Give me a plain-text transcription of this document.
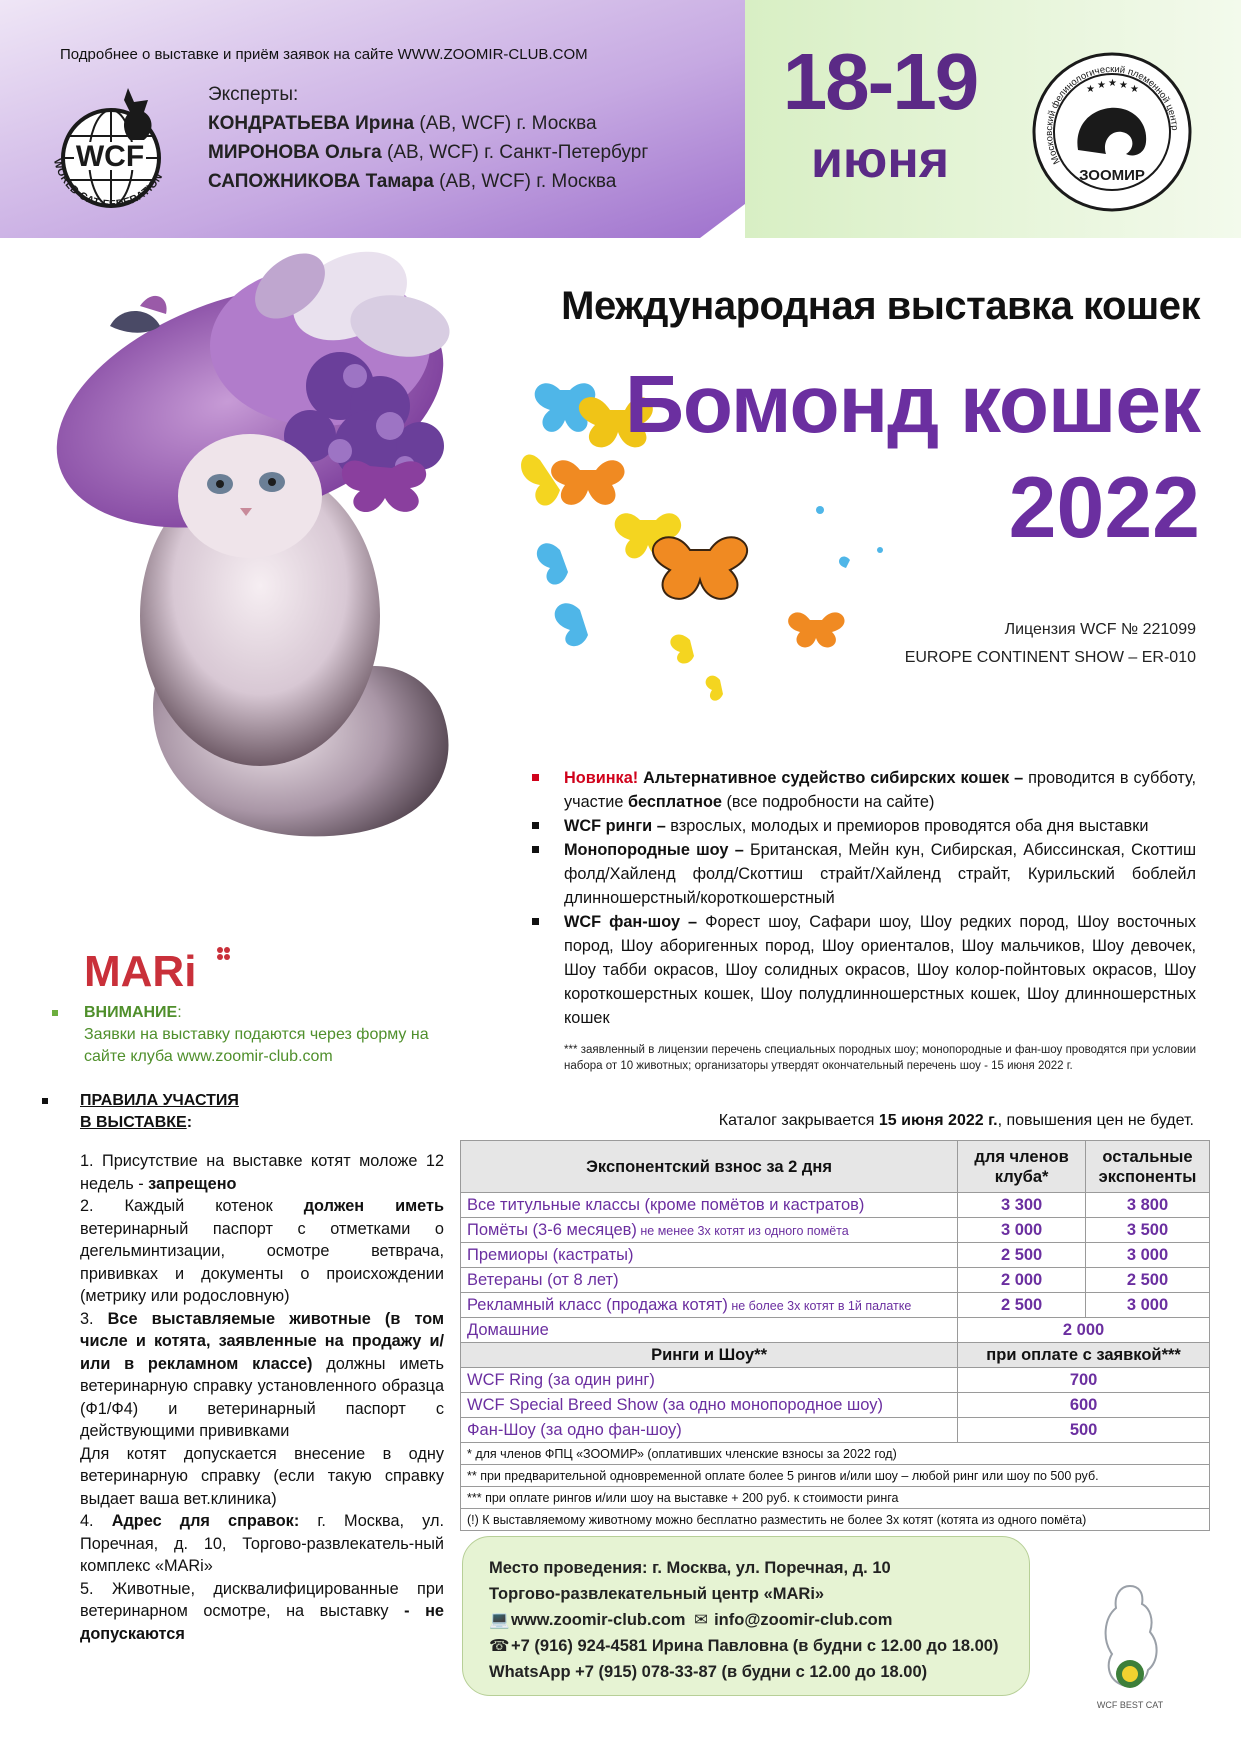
Подробнее о выставке и приём заявок на сайте WWW.ZOOMIR-CLUB.COM
WCF
WORLD CAT FEDERATION
Эксперты:
КОНДРАТЬЕВА Ирина (AB, WCF) г. Москва
МИРОНОВА Ольга (AB, WCF) г. Санкт-Петербург
САПОЖНИКОВА Тамара (AB, WCF) г. Москва
18-19
июня	Московский фелинологический племенной центр
★ ★ ★ ★ ★
ЗООМИР
Международная выставка кошек
Бомонд кошек
2022
Лицензия WCF № 221099
EUROPE CONTINENT SHOW – ER-010
Новинка! Альтернативное судейство сибирских кошек – проводится в субботу, участие бесплатное (все подробности на сайте)
WCF ринги – взрослых, молодых и премиоров проводятся оба дня выставки
Монопородные шоу – Британская, Мейн кун, Сибирская, Абиссинская, Скоттиш фолд/Хайленд фолд/Скоттиш страйт/Хайленд страйт, Курильский боблейл длинношерстный/короткошерстный
WCF фан-шоу – Форест шоу, Сафари шоу, Шоу редких пород, Шоу восточных пород, Шоу аборигенных пород, Шоу ориенталов, Шоу мальчиков, Шоу девочек, Шоу табби окрасов, Шоу солидных окрасов, Шоу колор-пойнтовых окрасов, Шоу короткошерстных кошек, Шоу полудлинношерстных кошек, Шоу длинношерстных кошек
*** заявленный в лицензии перечень специальных породных шоу; монопородные и фан-шоу проводятся при условии набора от 10 животных; организаторы утвердят окончательный перечень шоу - 15 июня 2022 г.
Каталог закрывается 15 июня 2022 г., повышения цен не будет.
MARi
ВНИМАНИЕ:
Заявки на выставку подаются через форму на сайте клуба www.zoomir-club.com
ПРАВИЛА УЧАСТИЯ
В ВЫСТАВКЕ:
1. Присутствие на выставке котят моложе 12 недель - запрещено
2. Каждый котенок должен иметь ветеринарный паспорт с отметками о дегельминтизации, осмотре ветврача, прививках и документы о происхождении (метрику или родословную)
3. Все выставляемые животные (в том числе и котята, заявленные на продажу и/или в рекламном классе) должны иметь ветеринарную справку установленного образца (Ф1/Ф4) и ветеринарный паспорт с действующими прививками
Для котят допускается внесение в одну ветеринарную справку (если такую справку выдает ваша вет.клиника)
4. Адрес для справок: г. Москва, ул. Поречная, д. 10, Торгово-развлекатель-ный комплекс «MARi»
5. Животные, дисквалифицированные при ветеринарном осмотре, на выставку - не допускаются
Экспонентский взнос за 2 дня	для членов клуба*	остальные экспоненты
Все титульные классы (кроме помётов и кастратов)	3 300	3 800
Помёты (3-6 месяцев) не менее 3х котят из одного помёта	3 000	3 500
Премиоры (кастраты)	2 500	3 000
Ветераны (от 8 лет)	2 000	2 500
Рекламный класс (продажа котят) не более 3х котят в 1й палатке	2 500	3 000
Домашние	2 000	
Ринги и Шоу**	при оплате с заявкой***	
WCF Ring (за один ринг)	700	
WCF Special Breed Show (за одно монопородное шоу)	600	
Фан-Шоу (за одно фан-шоу)	500	
* для членов ФПЦ «ЗООМИР» (оплативших членские взносы за 2022 год)		
** при предварительной одновременной оплате более 5 рингов и/или шоу – любой ринг или шоу по 500 руб.		
*** при оплате рингов и/или шоу на выставке + 200 руб. к стоимости ринга		
(!) К выставляемому животному можно бесплатно разместить не более 3х котят (котята из одного помёта)		
Место проведения: г. Москва, ул. Поречная, д. 10
Торгово-развлекательный центр «MARi»
💻www.zoomir-club.com ✉ info@zoomir-club.com
☎+7 (916) 924-4581 Ирина Павловна (в будни с 12.00 до 18.00)
WhatsApp +7 (915) 078-33-87 (в будни с 12.00 до 18.00)
WCF BEST CAT
